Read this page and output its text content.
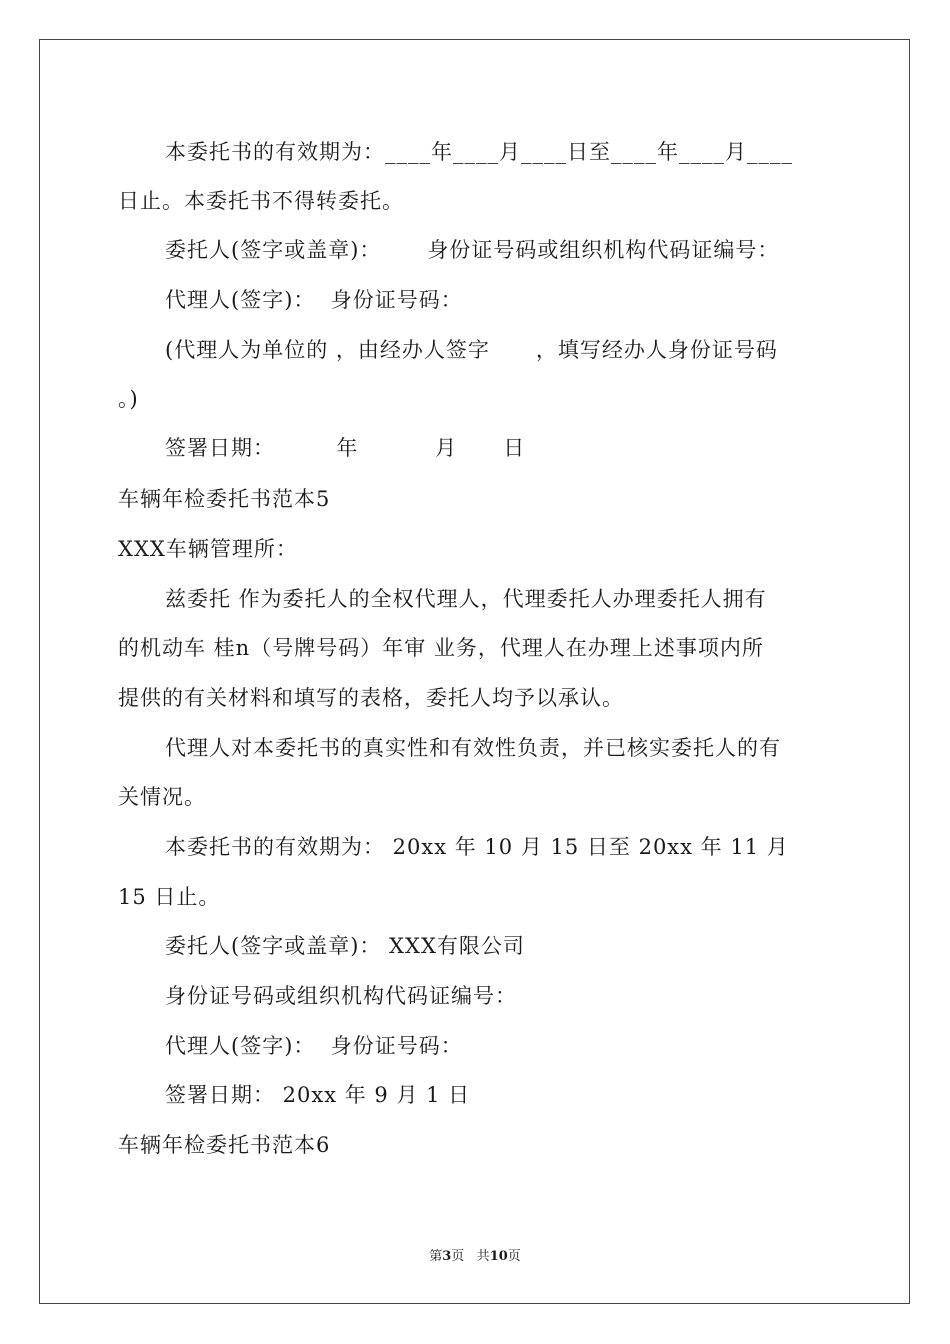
本委托书的有效期为：____年____月____日至____年____月____
日止。本委托书不得转委托。
委托人(签字或盖章)：      身份证号码或组织机构代码证编号：
代理人(签字)：  身份证号码：
(代理人为单位的 ，由经办人签字      ，填写经办人身份证号码
。)
签署日期：        年          月      日
车辆年检委托书范本5
XXX车辆管理所：
兹委托 作为委托人的全权代理人，代理委托人办理委托人拥有
的机动车 桂n（号牌号码）年审 业务，代理人在办理上述事项内所
提供的有关材料和填写的表格，委托人均予以承认。
代理人对本委托书的真实性和有效性负责，并已核实委托人的有
关情况。
本委托书的有效期为： 20xx 年 10 月 15 日至 20xx 年 11 月
15 日止。
委托人(签字或盖章)： XXX有限公司
身份证号码或组织机构代码证编号：
代理人(签字)：  身份证号码：
签署日期： 20xx 年 9 月 1 日
车辆年检委托书范本6
第3页 共10页
